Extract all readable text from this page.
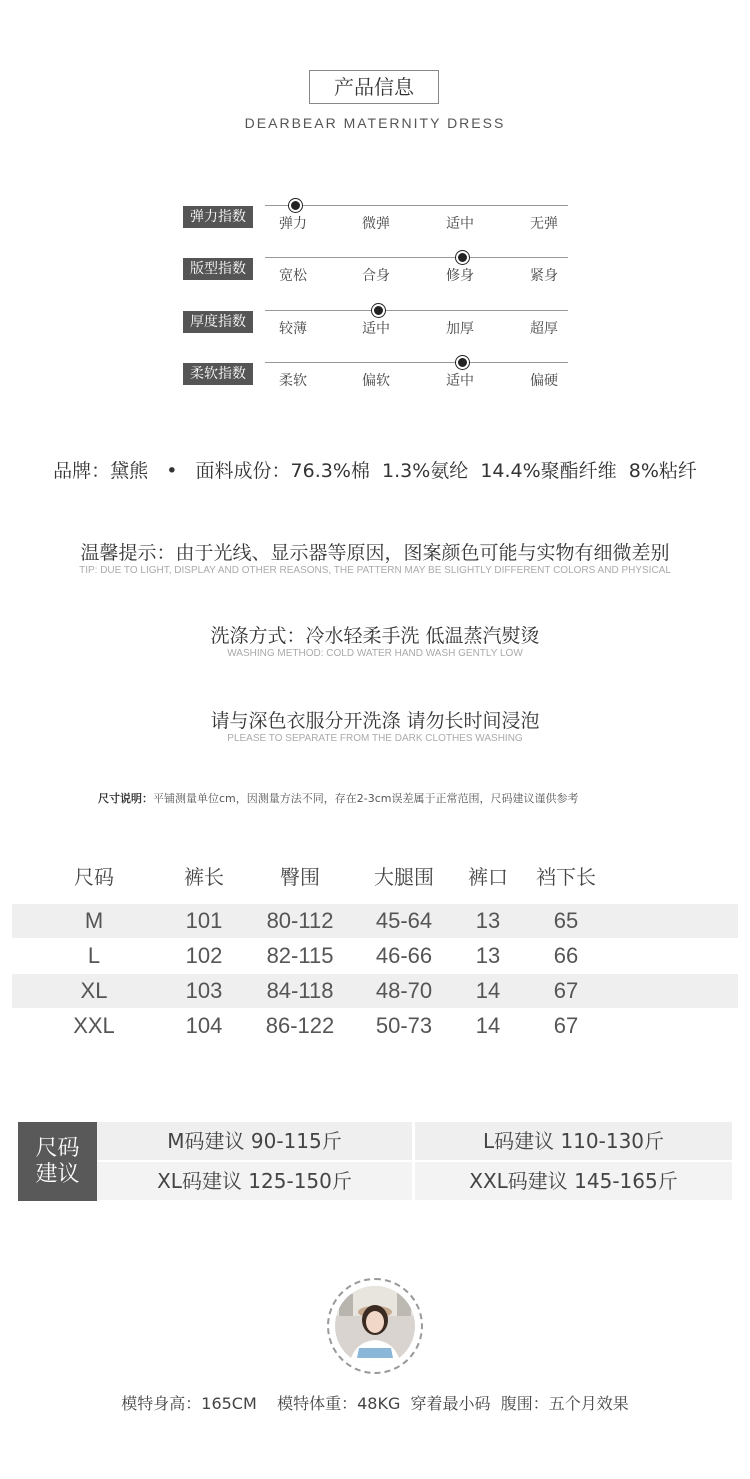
产品信息
DEARBEAR MATERNITY DRESS
弹力指数	弹力	微弹	适中	无弹
版型指数	宽松	合身	修身	紧身
厚度指数	较薄	适中	加厚	超厚
柔软指数	柔软	偏软	适中	偏硬
品牌：黛熊   •   面料成份：76.3%棉  1.3%氨纶  14.4%聚酯纤维  8%粘纤
温馨提示：由于光线、显示器等原因，图案颜色可能与实物有细微差别
TIP: DUE TO LIGHT, DISPLAY AND OTHER REASONS, THE PATTERN MAY BE SLIGHTLY DIFFERENT COLORS AND PHYSICAL
洗涤方式：冷水轻柔手洗 低温蒸汽熨烫
WASHING METHOD: COLD WATER HAND WASH GENTLY LOW
请与深色衣服分开洗涤 请勿长时间浸泡
PLEASE TO SEPARATE FROM THE DARK CLOTHES WASHING
尺寸说明：平铺测量单位cm，因测量方法不同，存在2-3cm误差属于正常范围，尺码建议谨供参考
尺码	裤长	臀围	大腿围	裤口	裆下长
M	101	80-112	45-64	13	65
L	102	82-115	46-66	13	66
XL	103	84-118	48-70	14	67
XXL	104	86-122	50-73	14	67
尺码
建议
M码建议 90-115斤	L码建议 110-130斤
XL码建议 125-150斤	XXL码建议 145-165斤
模特身高：165CM    模特体重：48KG  穿着最小码  腹围：五个月效果
